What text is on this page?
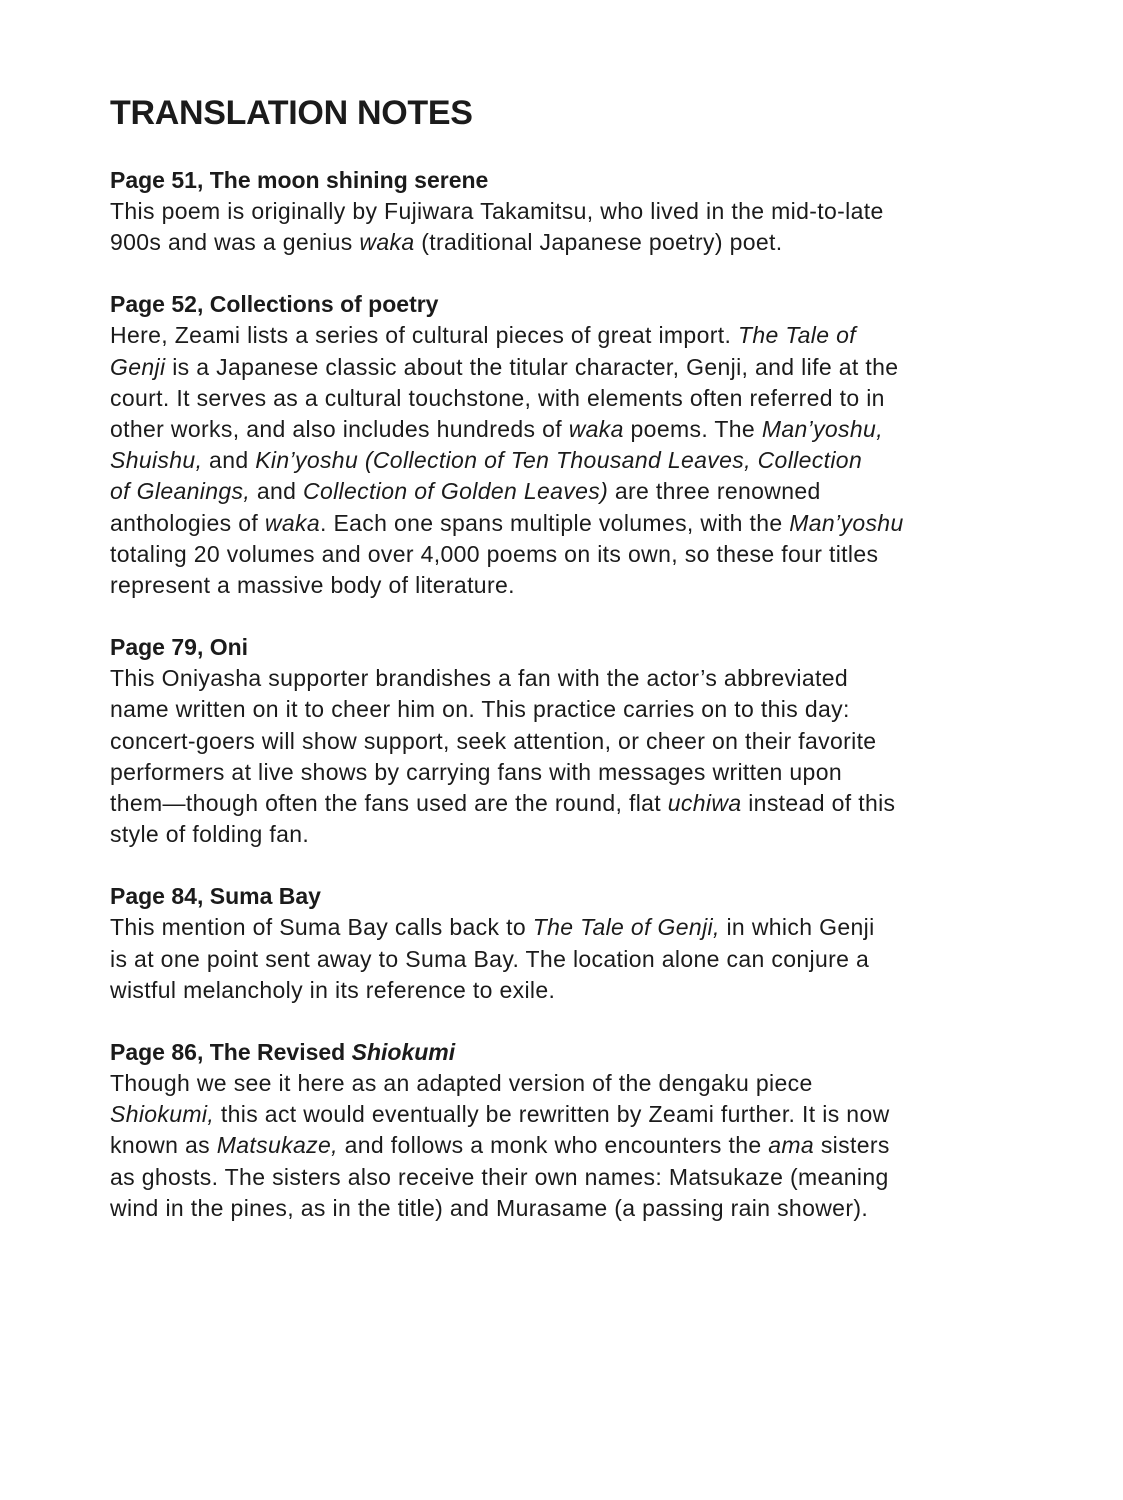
TRANSLATION NOTES

Page 51, The moon shining serene

This poem is originally by Fujiwara Takamitsu, who lived in the mid-to-late
900s and was a genius waka (traditional Japanese poetry) poet.

Page 52, Collections of poetry

Here, Zeami lists a series of cultural pieces of great import. The Tale of
Genji is a Japanese classic about the titular character, Genji, and life at the
court. It serves as a cultural touchstone, with elements often referred to in
other works, and also includes hundreds of waka poems. The Man’yoshu,
Shuishu, and Kin’yoshu (Collection of Ten Thousand Leaves, Collection
of Gleanings, and Collection of Golden Leaves) are three renowned
anthologies of waka. Each one spans multiple volumes, with the Man’yoshu
totaling 20 volumes and over 4,000 poems on its own, so these four titles
represent a massive body of literature.

Page 79, Oni

This Oniyasha supporter brandishes a fan with the actor’s abbreviated
name written on it to cheer him on. This practice carries on to this day:
concert-goers will show support, seek attention, or cheer on their favorite
performers at live shows by carrying fans with messages written upon
them—though often the fans used are the round, flat uchiwa instead of this
style of folding fan.

Page 84, Suma Bay

This mention of Suma Bay calls back to The Tale of Genji, in which Genji
is at one point sent away to Suma Bay. The location alone can conjure a
wistful melancholy in its reference to exile.

Page 86, The Revised Shiokumi

Though we see it here as an adapted version of the dengaku piece
Shiokumi, this act would eventually be rewritten by Zeami further. It is now
known as Matsukaze, and follows a monk who encounters the ama sisters
as ghosts. The sisters also receive their own names: Matsukaze (meaning
wind in the pines, as in the title) and Murasame (a passing rain shower).
